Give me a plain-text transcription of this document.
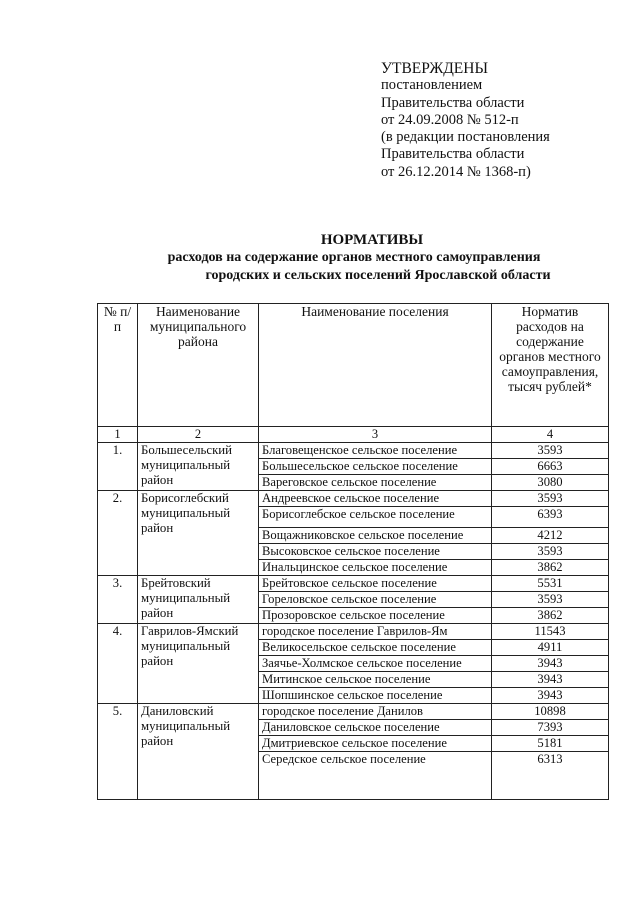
УТВЕРЖДЕНЫ
постановлением
Правительства области
от 24.09.2008 № 512-п
(в редакции постановления
Правительства области
от 26.12.2014 № 1368-п)
НОРМАТИВЫ
расходов на содержание органов местного самоуправления
городских и сельских поселений Ярославской области
№ п/п	Наименование муниципального района	Наименование поселения	Норматив расходов на содержание органов местного самоуправления, тысяч рублей*
1	2	3	4
1.	Большесельский муниципальный район	Благовещенское сельское поселение	3593
		Большесельское сельское поселение	6663
		Вареговское сельское поселение	3080
2.	Борисоглебский муниципальный район	Андреевское сельское поселение	3593
		Борисоглебское сельское поселение	6393
		Вощажниковское сельское поселение	4212
		Высоковское сельское поселение	3593
		Инальцинское сельское поселение	3862
3.	Брейтовский муниципальный район	Брейтовское сельское поселение	5531
		Гореловское сельское поселение	3593
		Прозоровское сельское поселение	3862
4.	Гаврилов-Ямский муниципальный район	городское поселение Гаврилов-Ям	11543
		Великосельское сельское поселение	4911
		Заячье-Холмское сельское поселение	3943
		Митинское сельское поселение	3943
		Шопшинское сельское поселение	3943
5.	Даниловский муниципальный район	городское поселение Данилов	10898
		Даниловское сельское поселение	7393
		Дмитриевское сельское поселение	5181
		Середское сельское поселение	6313
